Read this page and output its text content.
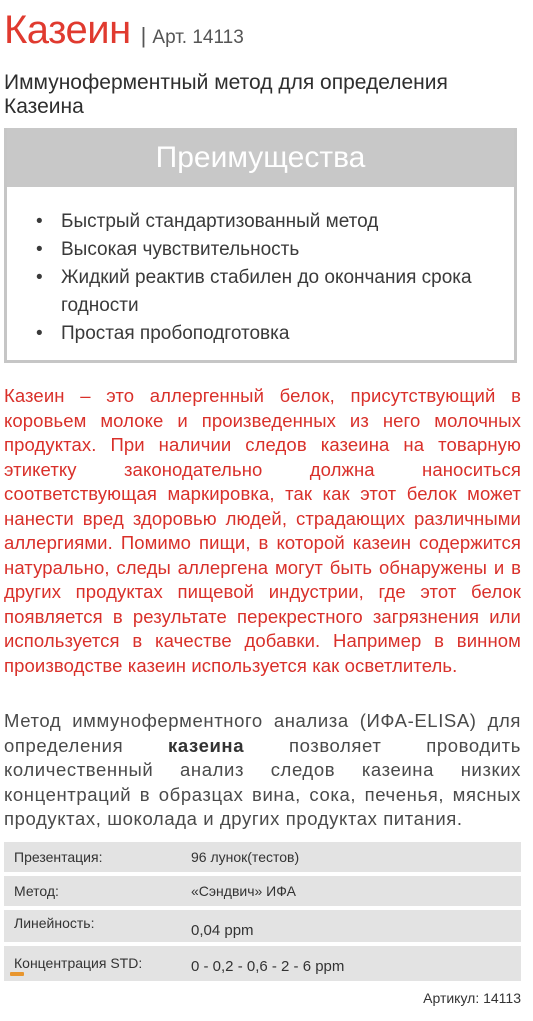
Казеин | Арт. 14113
Иммуноферментный метод для определения Казеина
Преимущества
• Быстрый стандартизованный метод
• Высокая чувствительность
• Жидкий реактив стабилен до окончания срока годности
• Простая пробоподготовка
Казеин – это аллергенный белок, присутствующий в коровьем молоке и произведенных из него молочных продуктах. При наличии следов казеина на товарную этикетку законодательно должна наноситься соответствующая маркировка, так как этот белок может нанести вред здоровью людей, страдающих различными аллергиями. Помимо пищи, в которой казеин содержится натурально, следы аллергена могут быть обнаружены и в других продуктах пищевой индустрии, где этот белок появляется в результате перекрестного загрязнения или используется в качестве добавки. Например в винном производстве казеин используется как осветлитель.
Метод иммуноферментного анализа (ИФА-ELISA) для определения казеина позволяет проводить количественный анализ следов казеина низких концентраций в образцах вина, сока, печенья, мясных продуктах, шоколада и других продуктах питания.
Презентация:	96 лунок(тестов)
Метод:	«Сэндвич» ИФА
Линейность:	0,04 ppm
Концентрация STD:	0 - 0,2 - 0,6 - 2 - 6 ppm
Артикул: 14113
